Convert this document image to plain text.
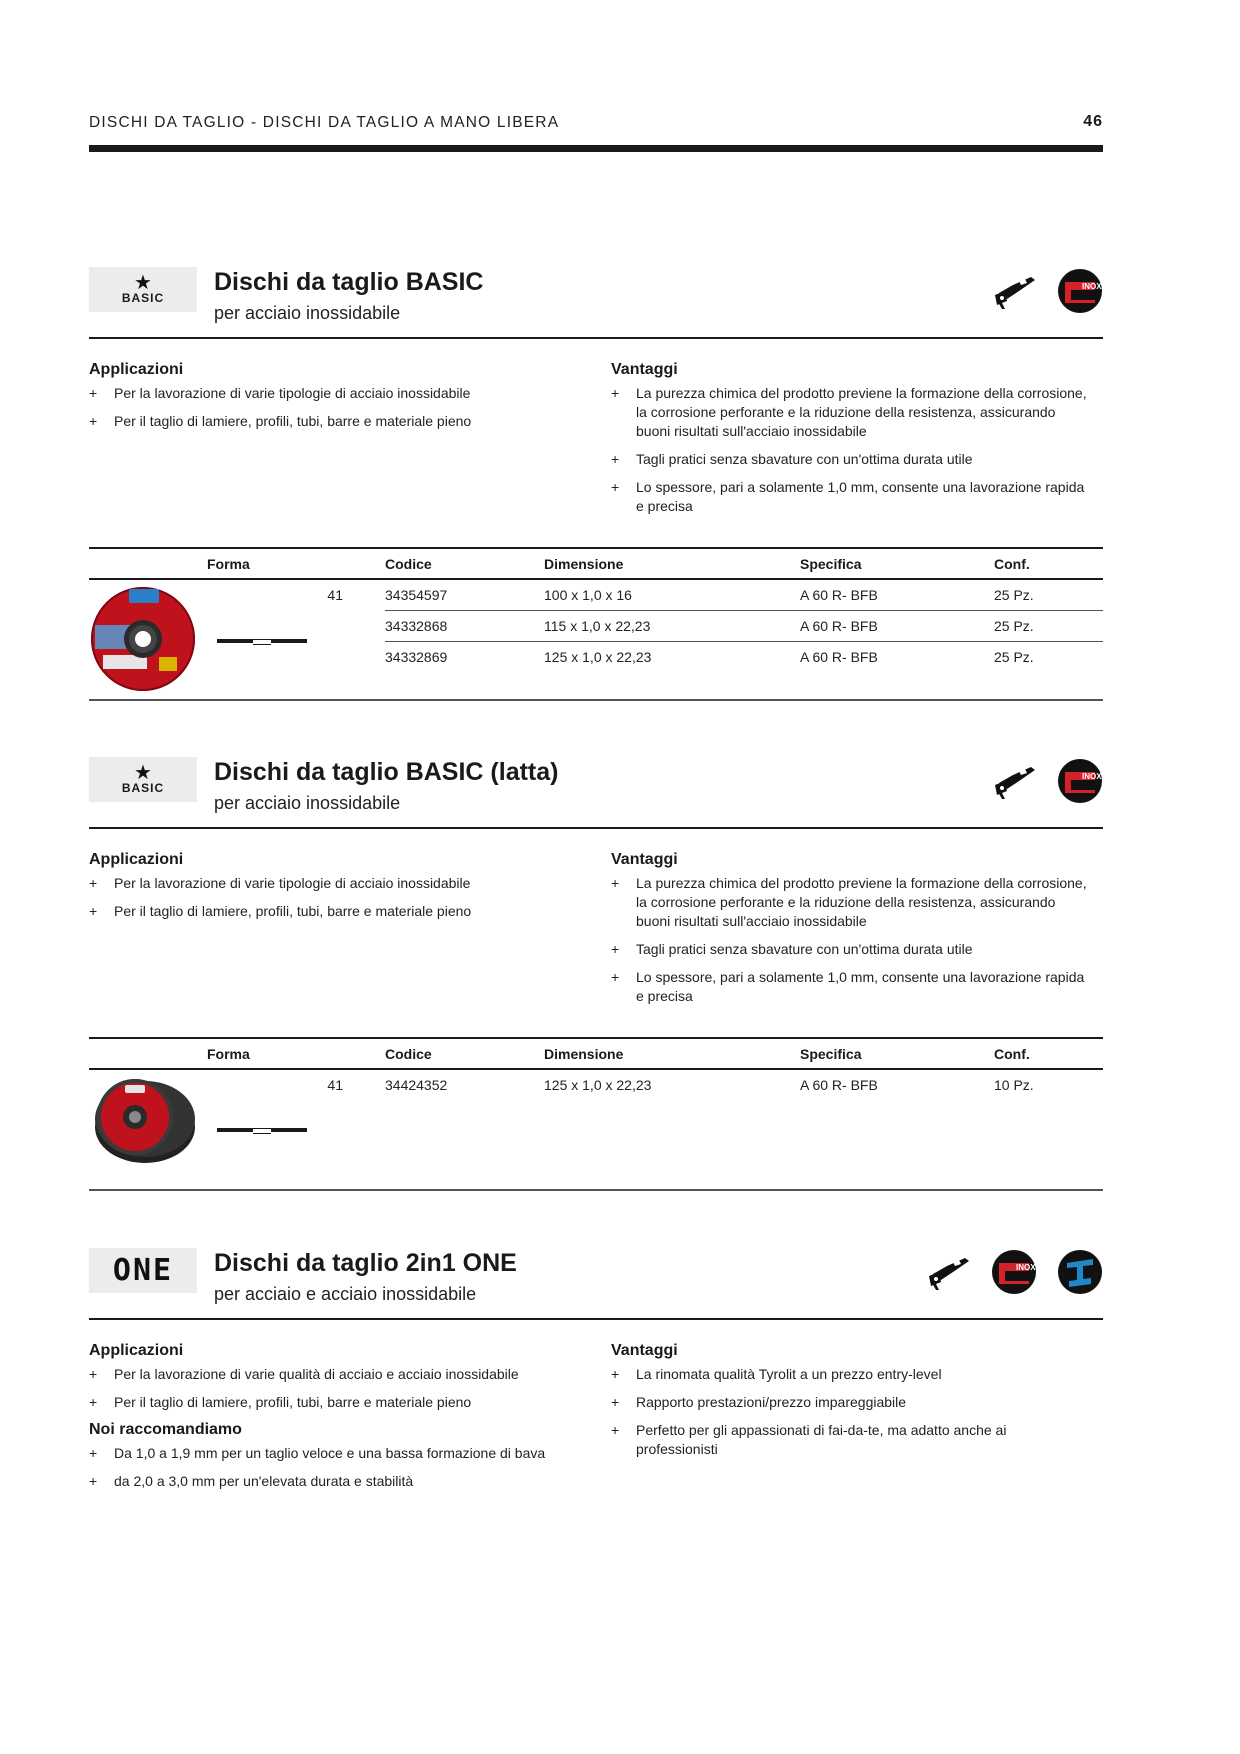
DISCHI DA TAGLIO - DISCHI DA TAGLIO A MANO LIBERA	46
★
BASIC
Dischi da taglio BASIC
per acciaio inossidabile
INOX
Applicazioni
+ Per la lavorazione di varie tipologie di acciaio inossidabile
+ Per il taglio di lamiere, profili, tubi, barre e materiale pieno
Vantaggi
+ La purezza chimica del prodotto previene la formazione della corrosione, la corrosione perforante e la riduzione della resistenza, assicurando buoni risultati sull'acciaio inossidabile
+ Tagli pratici senza sbavature con un'ottima durata utile
+ Lo spessore, pari a solamente 1,0 mm, consente una lavorazione rapida e precisa
	Forma	Codice	Dimensione	Specifica	Conf.
	41	34354597	100 x 1,0 x 16	A 60 R- BFB	25 Pz.
		34332868	115 x 1,0 x 22,23	A 60 R- BFB	25 Pz.
		34332869	125 x 1,0 x 22,23	A 60 R- BFB	25 Pz.
★
BASIC
Dischi da taglio BASIC (latta)
per acciaio inossidabile
INOX
Applicazioni
+ Per la lavorazione di varie tipologie di acciaio inossidabile
+ Per il taglio di lamiere, profili, tubi, barre e materiale pieno
Vantaggi
+ La purezza chimica del prodotto previene la formazione della corrosione, la corrosione perforante e la riduzione della resistenza, assicurando buoni risultati sull'acciaio inossidabile
+ Tagli pratici senza sbavature con un'ottima durata utile
+ Lo spessore, pari a solamente 1,0 mm, consente una lavorazione rapida e precisa
	Forma	Codice	Dimensione	Specifica	Conf.
	41	34424352	125 x 1,0 x 22,23	A 60 R- BFB	10 Pz.
ONE Dischi da taglio 2in1 ONE
per acciaio e acciaio inossidabile
INOX
Applicazioni
+ Per la lavorazione di varie qualità di acciaio e acciaio inossidabile
+ Per il taglio di lamiere, profili, tubi, barre e materiale pieno
Noi raccomandiamo
+ Da 1,0 a 1,9 mm per un taglio veloce e una bassa formazione di bava
+ da 2,0 a 3,0 mm per un'elevata durata e stabilità
Vantaggi
+ La rinomata qualità Tyrolit a un prezzo entry-level
+ Rapporto prestazioni/prezzo impareggiabile
+ Perfetto per gli appassionati di fai-da-te, ma adatto anche ai professionisti
